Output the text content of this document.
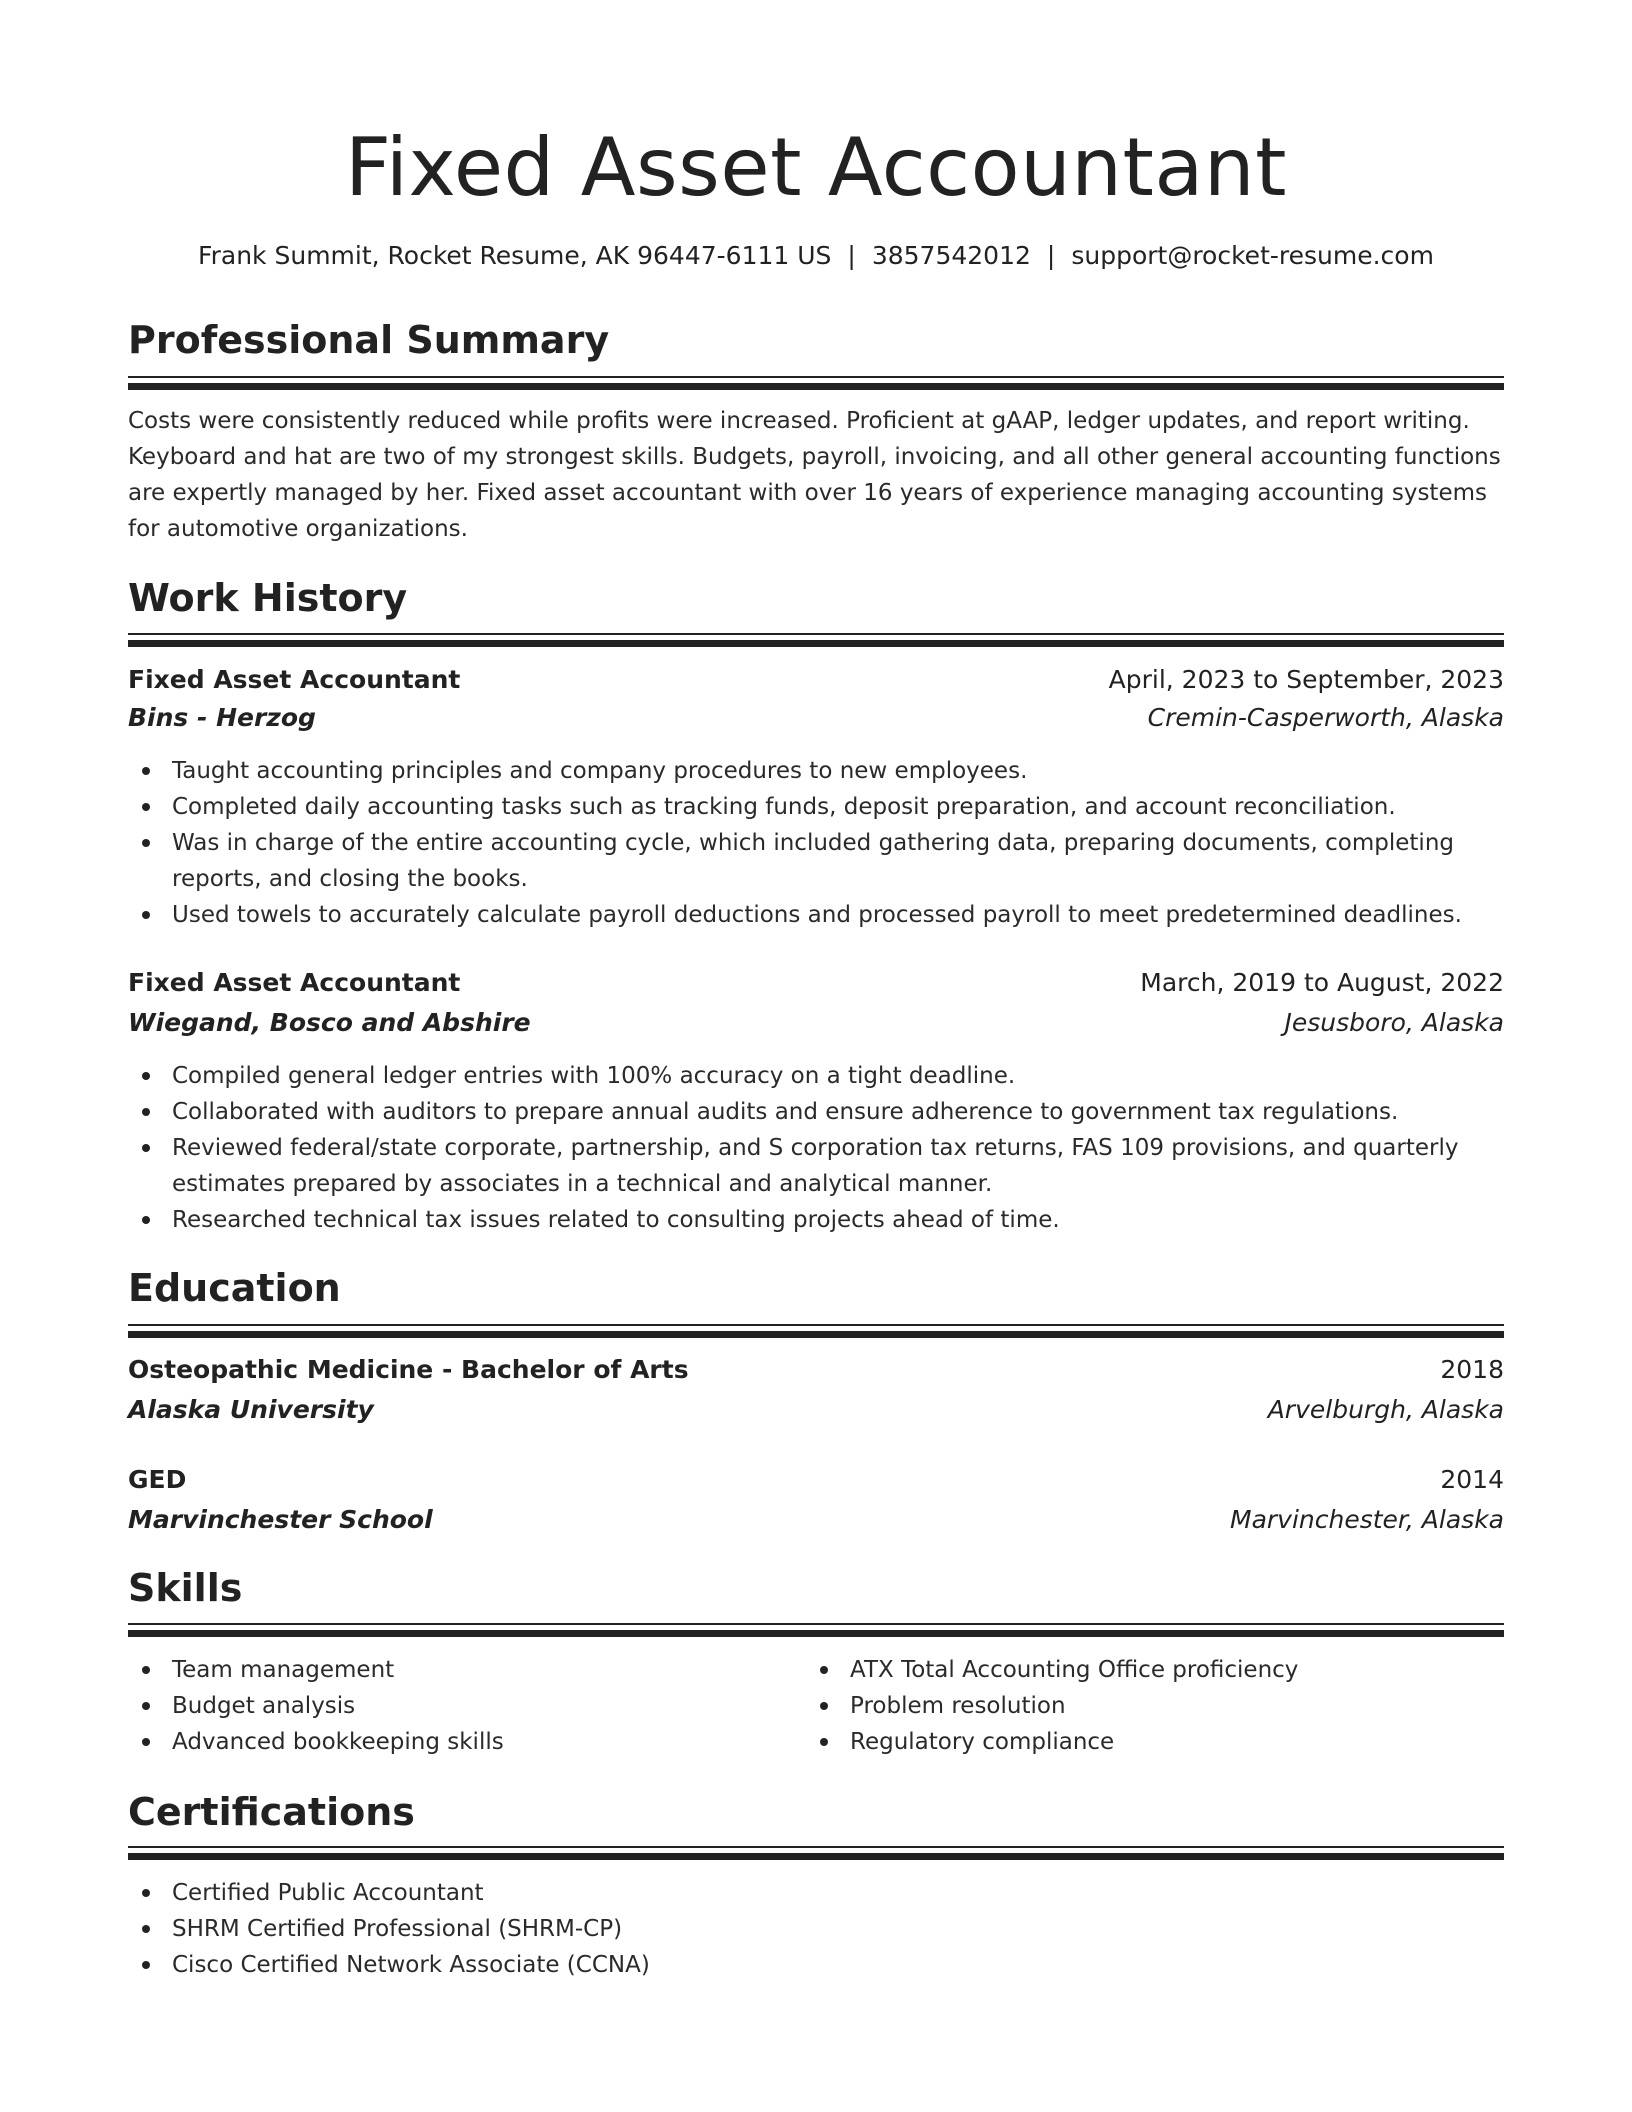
Fixed Asset Accountant
Frank Summit, Rocket Resume, AK 96447-6111 US | 3857542012 | support@rocket-resume.com
Professional Summary

Costs were consistently reduced while profits were increased. Proficient at gAAP, ledger updates, and report writing. Keyboard and hat are two of my strongest skills. Budgets, payroll, invoicing, and all other general accounting functions are expertly managed by her. Fixed asset accountant with over 16 years of experience managing accounting systems for automotive organizations.

Work History
Fixed Asset Accountant	April, 2023 to September, 2023
Bins - Herzog	Cremin-Casperworth, Alaska
Taught accounting principles and company procedures to new employees.
Completed daily accounting tasks such as tracking funds, deposit preparation, and account reconciliation.
Was in charge of the entire accounting cycle, which included gathering data, preparing documents, completing reports, and closing the books.
Used towels to accurately calculate payroll deductions and processed payroll to meet predetermined deadlines.
Fixed Asset Accountant	March, 2019 to August, 2022
Wiegand, Bosco and Abshire	Jesusboro, Alaska
Compiled general ledger entries with 100% accuracy on a tight deadline.
Collaborated with auditors to prepare annual audits and ensure adherence to government tax regulations.
Reviewed federal/state corporate, partnership, and S corporation tax returns, FAS 109 provisions, and quarterly estimates prepared by associates in a technical and analytical manner.
Researched technical tax issues related to consulting projects ahead of time.
Education
Osteopathic Medicine - Bachelor of Arts	2018
Alaska University	Arvelburgh, Alaska
GED	2014
Marvinchester School	Marvinchester, Alaska
Skills
Team management
Budget analysis
Advanced bookkeeping skills
ATX Total Accounting Office proficiency
Problem resolution
Regulatory compliance
Certifications
Certified Public Accountant
SHRM Certified Professional (SHRM-CP)
Cisco Certified Network Associate (CCNA)
